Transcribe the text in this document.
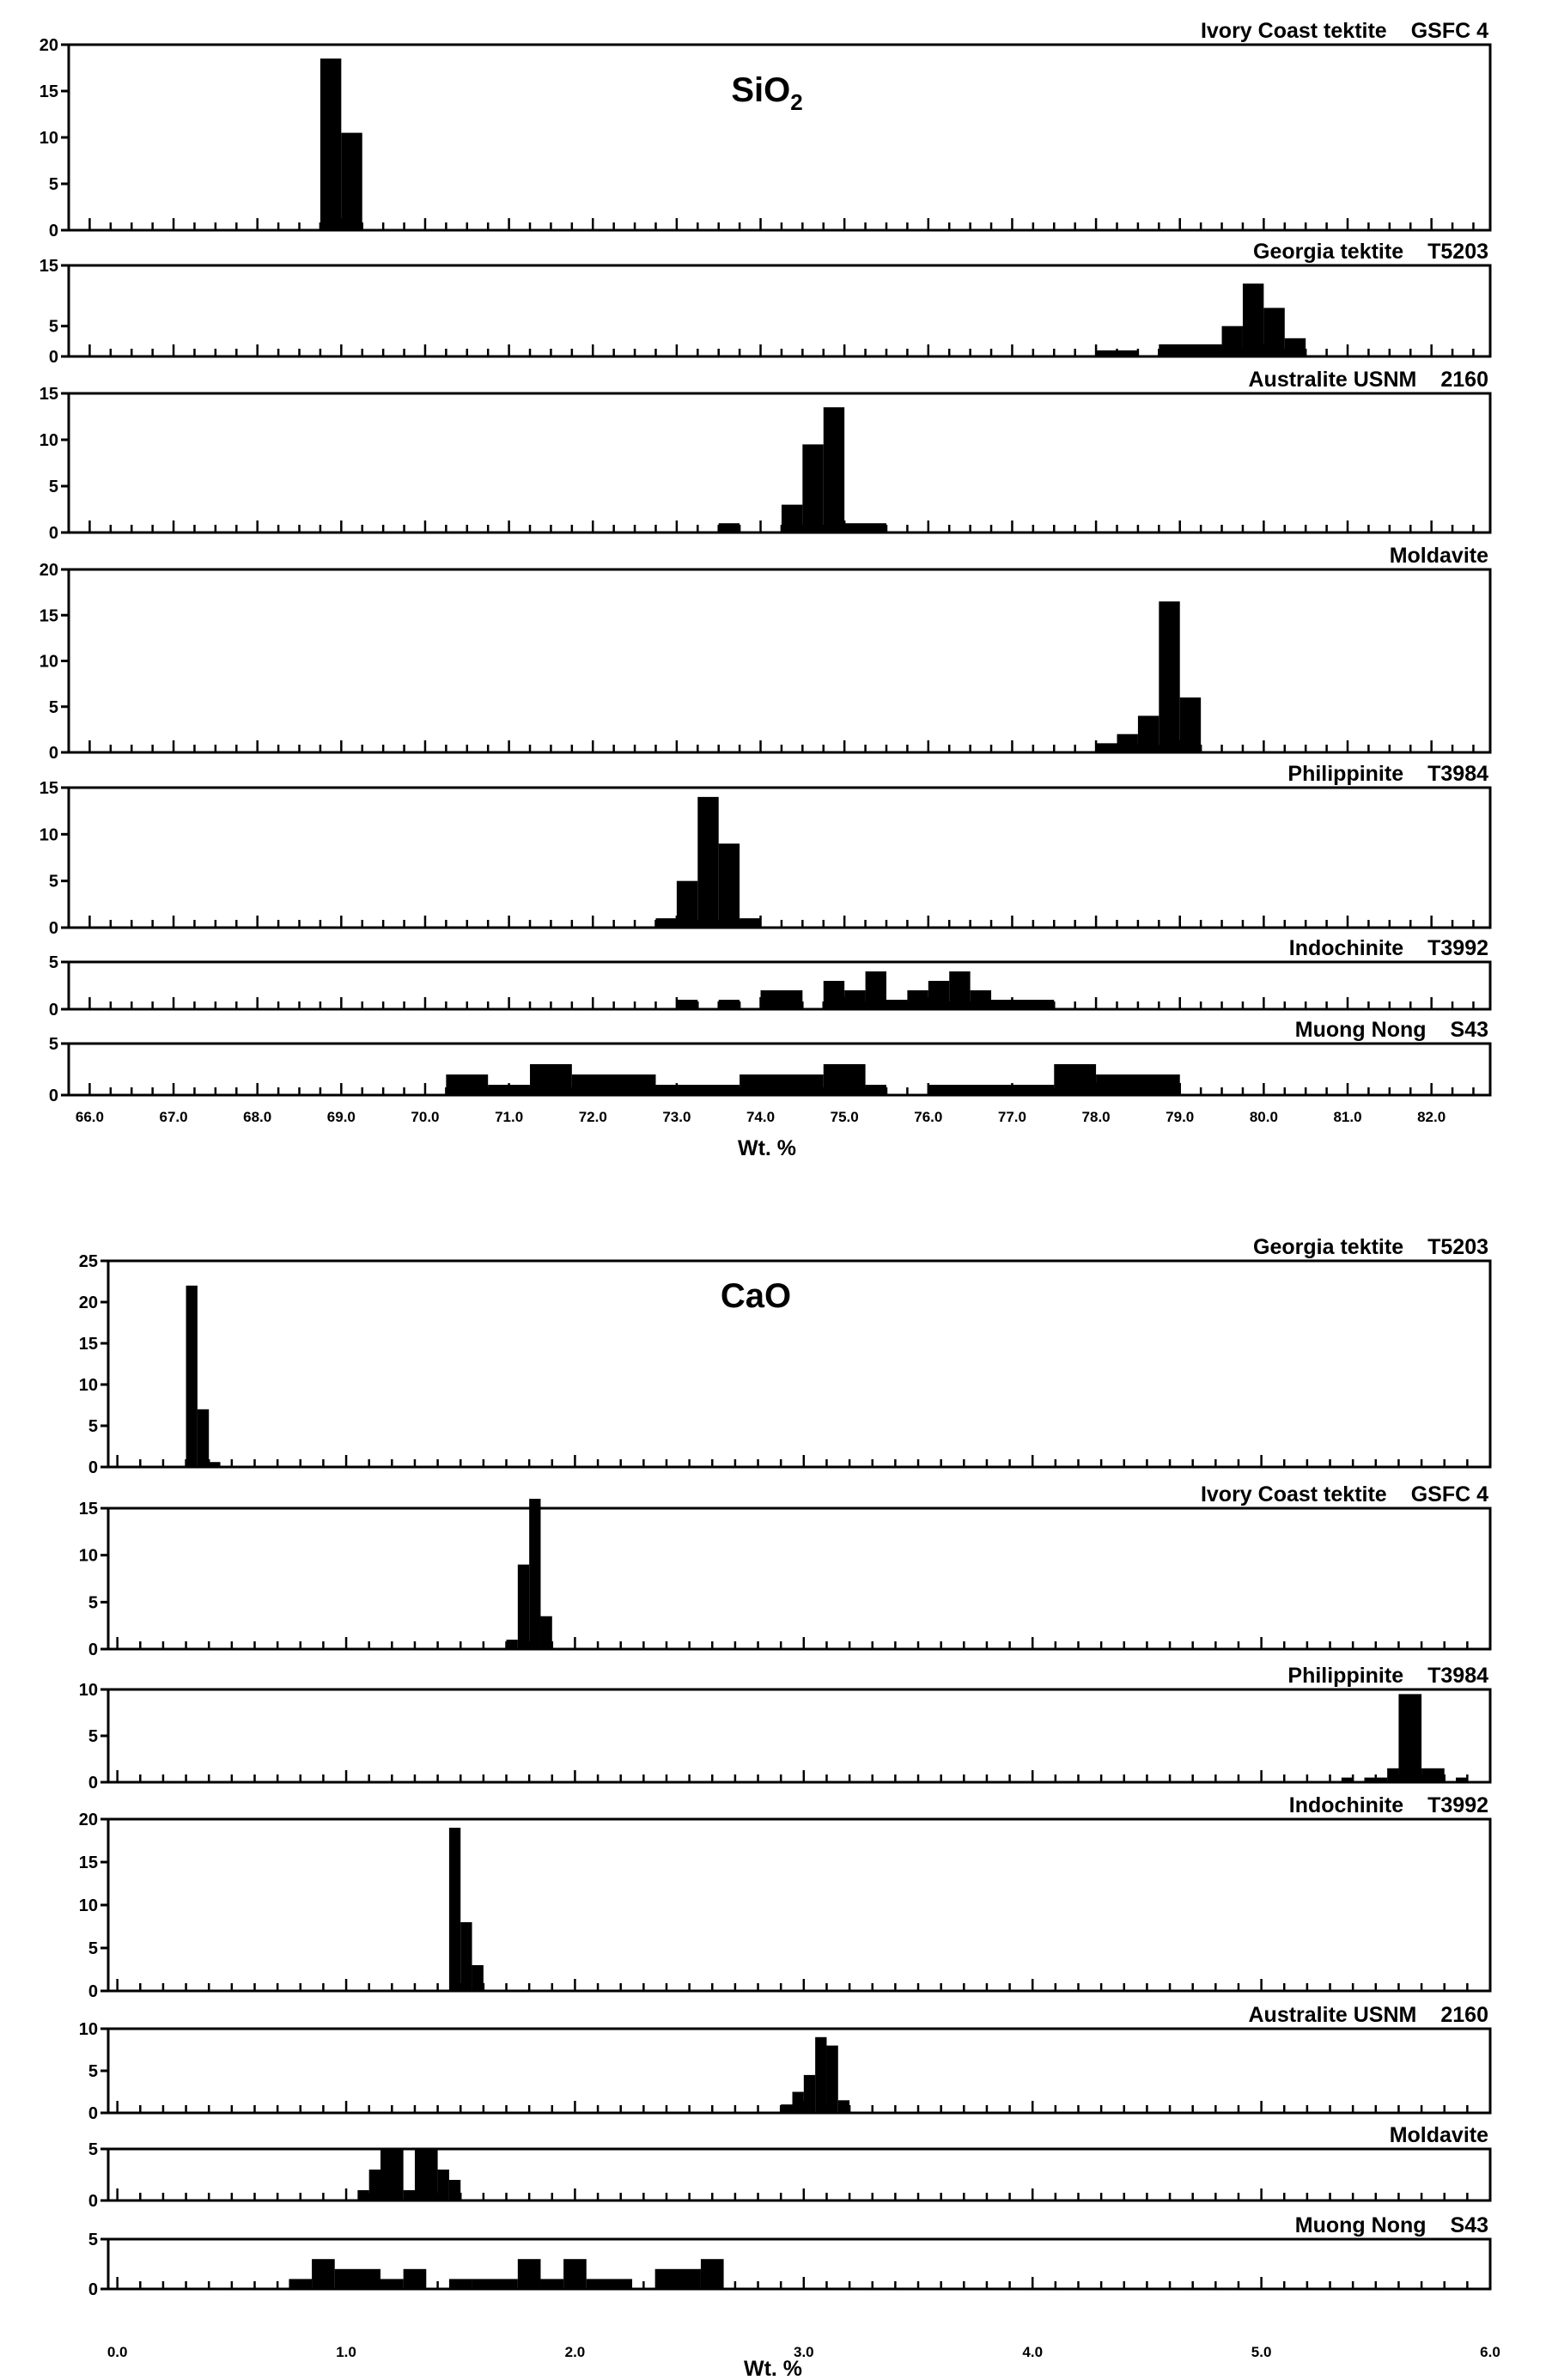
SiO$_2$
Ivory Coast tektite GSFC 4
0
5
10
15
20
Georgia tektite T5203
0
5
15
Australite USNM 2160
0
5
10
15
Moldavite
0
5
10
15
20
Philippinite T3984
0
5
10
15
Indochinite T3992
0
5
Muong Nong S43
0
5
66.0	67.0	68.0	69.0	70.0	71.0	72.0	73.0	74.0	75.0	76.0	77.0	78.0	79.0	80.0	81.0	82.0
Wt. %
CaO
Georgia tektite T5203
0
5
10
15
20
25
Ivory Coast tektite GSFC 4
0
5
10
15
Philippinite T3984
0
5
10
Indochinite T3992
0
5
10
15
20
Australite USNM 2160
0
5
10
Moldavite
0
5
Muong Nong S43
0
5
0.0	1.0	2.0	3.0	4.0	5.0	6.0
Wt. %
